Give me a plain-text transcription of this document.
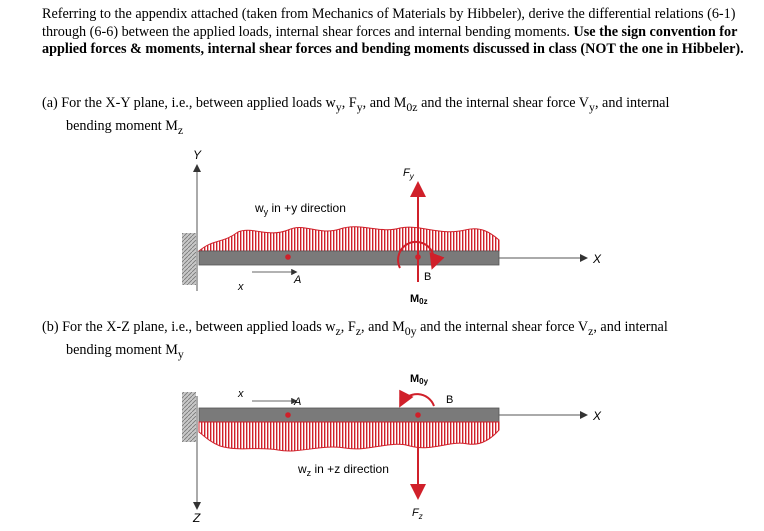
Referring to the appendix attached (taken from Mechanics of Materials by Hibbeler), derive the differential relations (6-1) through (6-6) between the applied loads, internal shear forces and internal bending moments. Use the sign convention for applied forces & moments, internal shear forces and bending moments discussed in class (NOT the one in Hibbeler).
(a) For the X-Y plane, i.e., between applied loads $w_y$, $F_y$, and $M_{0z}$ and the internal shear force $V_y$, and internal
bending moment $M_z$
(b) For the X-Z plane, i.e., between applied loads $w_z$, $F_z$, and $M_{0y}$ and the internal shear force $V_z$, and internal
bending moment $M_y$
Y
X
$w_y$ in +y direction
A
x
$F_y$
B
M0z
Z
X
x
A
M0y
B
$F_z$
$w_z$ in +z direction
